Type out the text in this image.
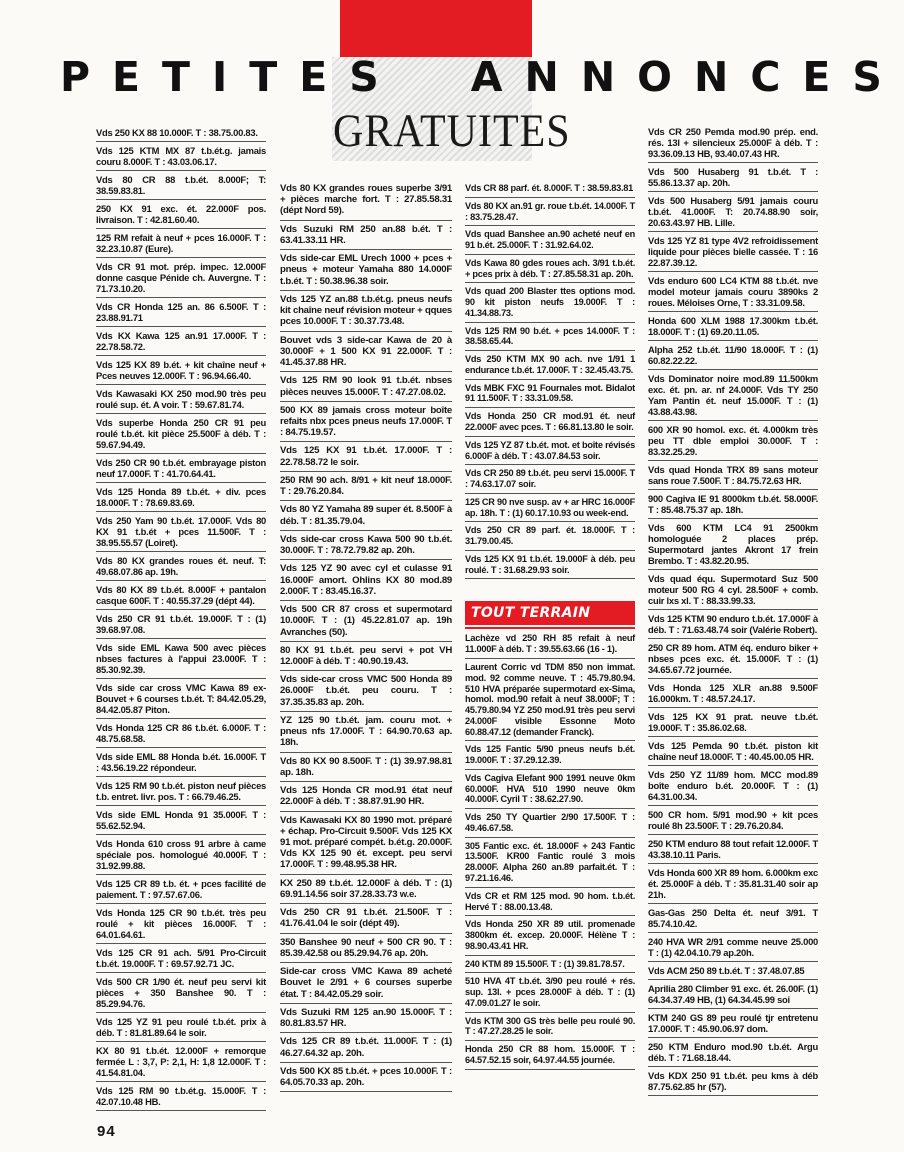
PETITES ANNONCES
GRATUITES
Vds 250 KX 88 10.000F. T : 38.75.00.83.
Vds 125 KTM MX 87 t.b.ét.g. jamais couru 8.000F. T : 43.03.06.17.
Vds 80 CR 88 t.b.ét. 8.000F; T: 38.59.83.81.
250 KX 91 exc. ét. 22.000F pos. livraison. T : 42.81.60.40.
125 RM refait à neuf + pces 16.000F. T : 32.23.10.87 (Eure).
Vds CR 91 mot. prép. impec. 12.000F donne casque Pénide ch. Auvergne. T : 71.73.10.20.
Vds CR Honda 125 an. 86 6.500F. T : 23.88.91.71
Vds KX Kawa 125 an.91 17.000F. T : 22.78.58.72.
Vds 125 KX 89 b.ét. + kit chaîne neuf + Pces neuves 12.000F. T : 96.94.66.40.
Vds Kawasaki KX 250 mod.90 très peu roulé sup. ét. A voir. T : 59.67.81.74.
Vds superbe Honda 250 CR 91 peu roulé t.b.ét. kit pièce 25.500F à déb. T : 59.67.94.49.
Vds 250 CR 90 t.b.ét. embrayage piston neuf 17.000F. T : 41.70.64.41.
Vds 125 Honda 89 t.b.ét. + div. pces 18.000F. T : 78.69.83.69.
Vds 250 Yam 90 t.b.ét. 17.000F. Vds 80 KX 91 t.b.ét + pces 11.500F. T : 38.95.55.57 (Loiret).
Vds 80 KX grandes roues ét. neuf. T: 49.68.07.86 ap. 19h.
Vds 80 KX 89 t.b.ét. 8.000F + pantalon casque 600F. T : 40.55.37.29 (dépt 44).
Vds 250 CR 91 t.b.ét. 19.000F. T : (1) 39.68.97.08.
Vds side EML Kawa 500 avec pièces nbses factures à l'appui 23.000F. T : 85.30.92.39.
Vds side car cross VMC Kawa 89 ex-Bouvet + 6 courses t.b.ét. T: 84.42.05.29, 84.42.05.87 Piton.
Vds Honda 125 CR 86 t.b.ét. 6.000F. T : 48.75.68.58.
Vds side EML 88 Honda b.ét. 16.000F. T : 43.56.19.22 répondeur.
Vds 125 RM 90 t.b.ét. piston neuf pièces t.b. entret. livr. pos. T : 66.79.46.25.
Vds side EML Honda 91 35.000F. T : 55.62.52.94.
Vds Honda 610 cross 91 arbre à came spéciale pos. homologué 40.000F. T : 31.92.99.88.
Vds 125 CR 89 t.b. ét. + pces facilité de paiement. T : 97.57.67.06.
Vds Honda 125 CR 90 t.b.ét. très peu roulé + kit pièces 16.000F. T : 64.01.64.61.
Vds 125 CR 91 ach. 5/91 Pro-Circuit t.b.ét. 19.000F. T : 69.57.92.71 JC.
Vds 500 CR 1/90 ét. neuf peu servi kit pièces + 350 Banshee 90. T : 85.29.94.76.
Vds 125 YZ 91 peu roulé t.b.ét. prix à déb. T : 81.81.89.64 le soir.
KX 80 91 t.b.ét. 12.000F + remorque fermée L : 3,7, P: 2,1, H: 1,8 12.000F. T : 41.54.81.04.
Vds 125 RM 90 t.b.ét.g. 15.000F. T : 42.07.10.48 HB.
Vds 80 KX grandes roues superbe 3/91 + pièces marche fort. T : 27.85.58.31 (dépt Nord 59).
Vds Suzuki RM 250 an.88 b.ét. T : 63.41.33.11 HR.
Vds side-car EML Urech 1000 + pces + pneus + moteur Yamaha 880 14.000F t.b.ét. T : 50.38.96.38 soir.
Vds 125 YZ an.88 t.b.ét.g. pneus neufs kit chaîne neuf révision moteur + qques pces 10.000F. T : 30.37.73.48.
Bouvet vds 3 side-car Kawa de 20 à 30.000F + 1 500 KX 91 22.000F. T : 41.45.37.88 HR.
Vds 125 RM 90 look 91 t.b.ét. nbses pièces neuves 15.000F. T : 47.27.08.02.
500 KX 89 jamais cross moteur boîte refaits nbx pces pneus neufs 17.000F. T : 84.75.19.57.
Vds 125 KX 91 t.b.ét. 17.000F. T : 22.78.58.72 le soir.
250 RM 90 ach. 8/91 + kit neuf 18.000F. T : 29.76.20.84.
Vds 80 YZ Yamaha 89 super ét. 8.500F à déb. T : 81.35.79.04.
Vds side-car cross Kawa 500 90 t.b.ét. 30.000F. T : 78.72.79.82 ap. 20h.
Vds 125 YZ 90 avec cyl et culasse 91 16.000F amort. Ohlins KX 80 mod.89 2.000F. T : 83.45.16.37.
Vds 500 CR 87 cross et supermotard 10.000F. T : (1) 45.22.81.07 ap. 19h Avranches (50).
80 KX 91 t.b.ét. peu servi + pot VH 12.000F à déb. T : 40.90.19.43.
Vds side-car cross VMC 500 Honda 89 26.000F t.b.ét. peu couru. T : 37.35.35.83 ap. 20h.
YZ 125 90 t.b.ét. jam. couru mot. + pneus nfs 17.000F. T : 64.90.70.63 ap. 18h.
Vds 80 KX 90 8.500F. T : (1) 39.97.98.81 ap. 18h.
Vds 125 Honda CR mod.91 état neuf 22.000F à déb. T : 38.87.91.90 HR.
Vds Kawasaki KX 80 1990 mot. préparé + échap. Pro-Circuit 9.500F. Vds 125 KX 91 mot. préparé compét. b.ét.g. 20.000F. Vds KX 125 90 ét. except. peu servi 17.000F. T : 99.48.95.38 HR.
KX 250 89 t.b.ét. 12.000F à déb. T : (1) 69.91.14.56 soir 37.28.33.73 w.e.
Vds 250 CR 91 t.b.ét. 21.500F. T : 41.76.41.04 le soir (dépt 49).
350 Banshee 90 neuf + 500 CR 90. T : 85.39.42.58 ou 85.29.94.76 ap. 20h.
Side-car cross VMC Kawa 89 acheté Bouvet le 2/91 + 6 courses superbe état. T : 84.42.05.29 soir.
Vds Suzuki RM 125 an.90 15.000F. T : 80.81.83.57 HR.
Vds 125 CR 89 t.b.ét. 11.000F. T : (1) 46.27.64.32 ap. 20h.
Vds 500 KX 85 t.b.ét. + pces 10.000F. T : 64.05.70.33 ap. 20h.
Vds CR 88 parf. ét. 8.000F. T : 38.59.83.81
Vds 80 KX an.91 gr. roue t.b.ét. 14.000F. T : 83.75.28.47.
Vds quad Banshee an.90 acheté neuf en 91 b.ét. 25.000F. T : 31.92.64.02.
Vds Kawa 80 gdes roues ach. 3/91 t.b.ét. + pces prix à déb. T : 27.85.58.31 ap. 20h.
Vds quad 200 Blaster ttes options mod. 90 kit piston neufs 19.000F. T : 41.34.88.73.
Vds 125 RM 90 b.ét. + pces 14.000F. T : 38.58.65.44.
Vds 250 KTM MX 90 ach. nve 1/91 1 endurance t.b.ét. 17.000F. T : 32.45.43.75.
Vds MBK FXC 91 Fournales mot. Bidalot 91 11.500F. T : 33.31.09.58.
Vds Honda 250 CR mod.91 ét. neuf 22.000F avec pces. T : 66.81.13.80 le soir.
Vds 125 YZ 87 t.b.ét. mot. et boîte révisés 6.000F à déb. T : 43.07.84.53 soir.
Vds CR 250 89 t.b.ét. peu servi 15.000F. T : 74.63.17.07 soir.
125 CR 90 nve susp. av + ar HRC 16.000F ap. 18h. T : (1) 60.17.10.93 ou week-end.
Vds 250 CR 89 parf. ét. 18.000F. T : 31.79.00.45.
Vds 125 KX 91 t.b.ét. 19.000F à déb. peu roulé. T : 31.68.29.93 soir.
TOUT TERRAIN
Lachèze vd 250 RH 85 refait à neuf 11.000F à déb. T : 39.55.63.66 (16 - 1).
Laurent Corric vd TDM 850 non immat. mod. 92 comme neuve. T : 45.79.80.94. 510 HVA préparée supermotard ex-Sima, homol. mod.90 refait à neuf 38.000F; T : 45.79.80.94 YZ 250 mod.91 très peu servi 24.000F visible Essonne Moto 60.88.47.12 (demander Franck).
Vds 125 Fantic 5/90 pneus neufs b.ét. 19.000F. T : 37.29.12.39.
Vds Cagiva Elefant 900 1991 neuve 0km 60.000F. HVA 510 1990 neuve 0km 40.000F. Cyril T : 38.62.27.90.
Vds 250 TY Quartier 2/90 17.500F. T : 49.46.67.58.
305 Fantic exc. ét. 18.000F + 243 Fantic 13.500F. KR00 Fantic roulé 3 mois 28.000F. Alpha 260 an.89 parfait.ét. T : 97.21.16.46.
Vds CR et RM 125 mod. 90 hom. t.b.ét. Hervé T : 88.00.13.48.
Vds Honda 250 XR 89 util. promenade 3800km ét. excep. 20.000F. Hélène T : 98.90.43.41 HR.
240 KTM 89 15.500F. T : (1) 39.81.78.57.
510 HVA 4T t.b.ét. 3/90 peu roulé + rés. sup. 13l. + pces 28.000F à déb. T : (1) 47.09.01.27 le soir.
Vds KTM 300 GS très belle peu roulé 90. T : 47.27.28.25 le soir.
Honda 250 CR 88 hom. 15.000F. T : 64.57.52.15 soir, 64.97.44.55 journée.
Vds CR 250 Pemda mod.90 prép. end. rés. 13l + silencieux 25.000F à déb. T : 93.36.09.13 HB, 93.40.07.43 HR.
Vds 500 Husaberg 91 t.b.ét. T : 55.86.13.37 ap. 20h.
Vds 500 Husaberg 5/91 jamais couru t.b.ét. 41.000F. T: 20.74.88.90 soir, 20.63.43.97 HB. Lille.
Vds 125 YZ 81 type 4V2 refroidissement liquide pour pièces bielle cassée. T : 16 22.87.39.12.
Vds enduro 600 LC4 KTM 88 t.b.ét. nve model moteur jamais couru 3890ks 2 roues. Méloises Orne, T : 33.31.09.58.
Honda 600 XLM 1988 17.300km t.b.ét. 18.000F. T : (1) 69.20.11.05.
Alpha 252 t.b.ét. 11/90 18.000F. T : (1) 60.82.22.22.
Vds Dominator noire mod.89 11.500km exc. ét. pn. ar. nf 24.000F. Vds TY 250 Yam Pantin ét. neuf 15.000F. T : (1) 43.88.43.98.
600 XR 90 homol. exc. ét. 4.000km très peu TT dble emploi 30.000F. T : 83.32.25.29.
Vds quad Honda TRX 89 sans moteur sans roue 7.500F. T : 84.75.72.63 HR.
900 Cagiva IE 91 8000km t.b.ét. 58.000F. T : 85.48.75.37 ap. 18h.
Vds 600 KTM LC4 91 2500km homologuée 2 places prép. Supermotard jantes Akront 17 frein Brembo. T : 43.82.20.95.
Vds quad équ. Supermotard Suz 500 moteur 500 RG 4 cyl. 28.500F + comb. cuir lxs xl. T : 88.33.99.33.
Vds 125 KTM 90 enduro t.b.ét. 17.000F à déb. T : 71.63.48.74 soir (Valérie Robert).
250 CR 89 hom. ATM éq. enduro biker + nbses pces exc. ét. 15.000F. T : (1) 34.65.67.72 journée.
Vds Honda 125 XLR an.88 9.500F 16.000km. T : 48.57.24.17.
Vds 125 KX 91 prat. neuve t.b.ét. 19.000F. T : 35.86.02.68.
Vds 125 Pemda 90 t.b.ét. piston kit chaîne neuf 18.000F. T : 40.45.00.05 HR.
Vds 250 YZ 11/89 hom. MCC mod.89 boîte enduro b.ét. 20.000F. T : (1) 64.31.00.34.
500 CR hom. 5/91 mod.90 + kit pces roulé 8h 23.500F. T : 29.76.20.84.
250 KTM enduro 88 tout refait 12.000F. T 43.38.10.11 Paris.
Vds Honda 600 XR 89 hom. 6.000km exc ét. 25.000F à déb. T : 35.81.31.40 soir ap 21h.
Gas-Gas 250 Delta ét. neuf 3/91. T 85.74.10.42.
240 HVA WR 2/91 comme neuve 25.000 T : (1) 42.04.10.79 ap.20h.
Vds ACM 250 89 t.b.ét. T : 37.48.07.85
Aprilia 280 Climber 91 exc. ét. 26.00F. (1) 64.34.37.49 HB, (1) 64.34.45.99 soi
KTM 240 GS 89 peu roulé tjr entretenu 17.000F. T : 45.90.06.97 dom.
250 KTM Enduro mod.90 t.b.ét. Argu déb. T : 71.68.18.44.
Vds KDX 250 91 t.b.ét. peu kms à déb 87.75.62.85 hr (57).
94
